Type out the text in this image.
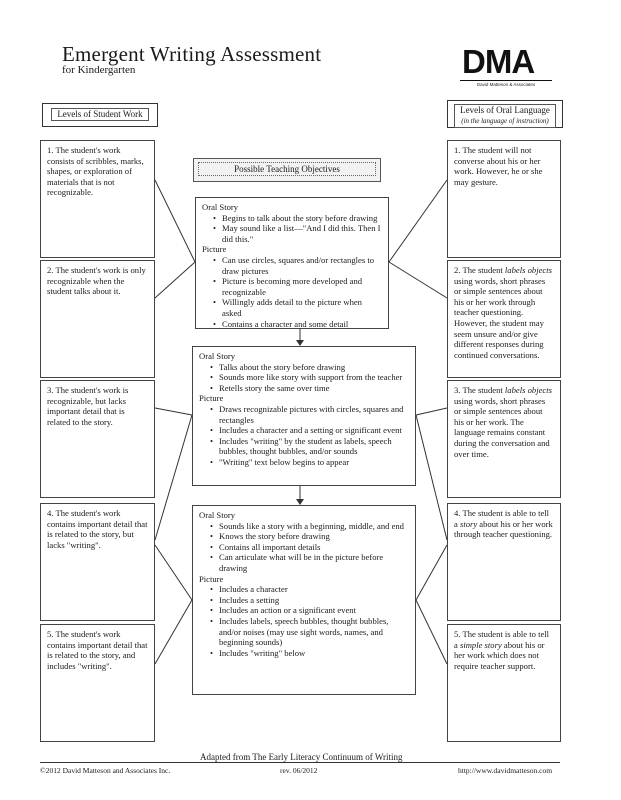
Emergent Writing Assessment
for Kindergarten	DMA
David Matteson & Associates
Levels of Student Work	Levels of Oral Language
(in the language of instruction)
Possible Teaching Objectives
1. The student's work consists of scribbles, marks, shapes, or exploration of materials that is not recognizable.
2. The student's work is only recognizable when the student talks about it.
3. The student's work is recognizable, but lacks important detail that is related to the story.
4. The student's work contains important detail that is related to the story, but lacks "writing".
5. The student's work contains important detail that is related to the story, and includes "writing".
1. The student will not converse about his or her work. However, he or she may gesture.
2. The student labels objects using words, short phrases or simple sentences about his or her work through teacher questioning. However, the student may seem unsure and/or give different responses during continued conversations.
3. The student labels objects using words, short phrases or simple sentences about his or her work. The language remains constant during the conversation and over time.
4. The student is able to tell a story about his or her work through teacher questioning.
5. The student is able to tell a simple story about his or her work which does not require teacher support.
Oral Story
• Begins to talk about the story before drawing
• May sound like a list—"And I did this. Then I did this."
Picture
• Can use circles, squares and/or rectangles to draw pictures
• Picture is becoming more developed and recognizable
• Willingly adds detail to the picture when asked
• Contains a character and some detail
Oral Story
• Talks about the story before drawing
• Sounds more like story with support from the teacher
• Retells story the same over time
Picture
• Draws recognizable pictures with circles, squares and rectangles
• Includes a character and a setting or significant event
• Includes "writing" by the student as labels, speech bubbles, thought bubbles, and/or sounds
• "Writing" text below begins to appear
Oral Story
• Sounds like a story with a beginning, middle, and end
• Knows the story before drawing
• Contains all important details
• Can articulate what will be in the picture before drawing
Picture
• Includes a character
• Includes a setting
• Includes an action or a significant event
• Includes labels, speech bubbles, thought bubbles, and/or noises (may use sight words, names, and beginning sounds)
• Includes "writing" below
Adapted from The Early Literacy Continuum of Writing
©2012 David Matteson and Associates Inc.	rev. 06/2012	http://www.davidmatteson.com
